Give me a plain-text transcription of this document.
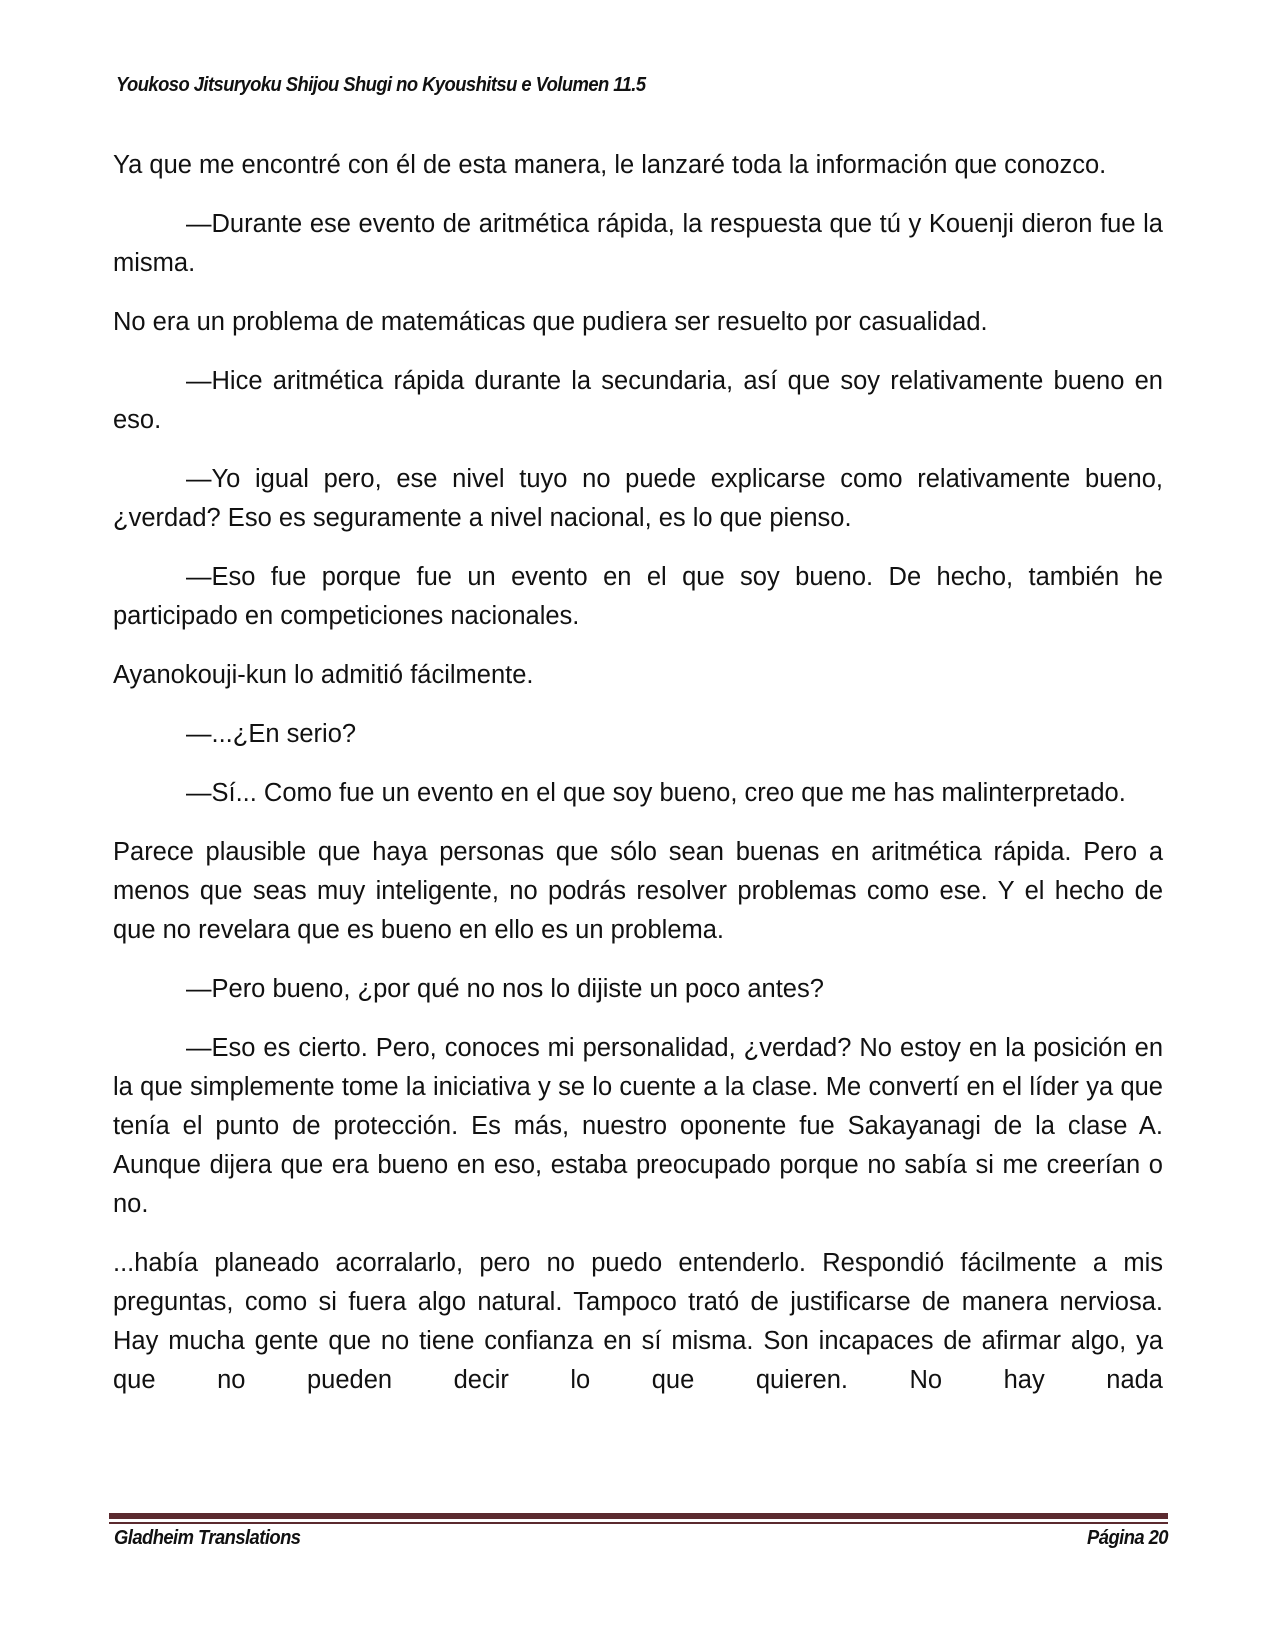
Youkoso Jitsuryoku Shijou Shugi no Kyoushitsu e Volumen 11.5

Ya que me encontré con él de esta manera, le lanzaré toda la información que conozco.

—Durante ese evento de aritmética rápida, la respuesta que tú y Kouenji dieron fue la misma.

No era un problema de matemáticas que pudiera ser resuelto por casualidad.

—Hice aritmética rápida durante la secundaria, así que soy relativamente bueno en eso.

—Yo igual pero, ese nivel tuyo no puede explicarse como relativamente bueno, ¿verdad? Eso es seguramente a nivel nacional, es lo que pienso.

—Eso fue porque fue un evento en el que soy bueno. De hecho, también he participado en competiciones nacionales.

Ayanokouji-kun lo admitió fácilmente.

—...¿En serio?

—Sí... Como fue un evento en el que soy bueno, creo que me has malinterpretado.

Parece plausible que haya personas que sólo sean buenas en aritmética rápida. Pero a menos que seas muy inteligente, no podrás resolver problemas como ese. Y el hecho de que no revelara que es bueno en ello es un problema.

—Pero bueno, ¿por qué no nos lo dijiste un poco antes?

—Eso es cierto. Pero, conoces mi personalidad, ¿verdad? No estoy en la posición en la que simplemente tome la iniciativa y se lo cuente a la clase. Me convertí en el líder ya que tenía el punto de protección. Es más, nuestro oponente fue Sakayanagi de la clase A. Aunque dijera que era bueno en eso, estaba preocupado porque no sabía si me creerían o no.

...había planeado acorralarlo, pero no puedo entenderlo. Respondió fácilmente a mis preguntas, como si fuera algo natural. Tampoco trató de justificarse de manera nerviosa. Hay mucha gente que no tiene confianza en sí misma. Son incapaces de afirmar algo, ya que no pueden decir lo que quieren. No hay nada

Gladheim Translations	Página 20
